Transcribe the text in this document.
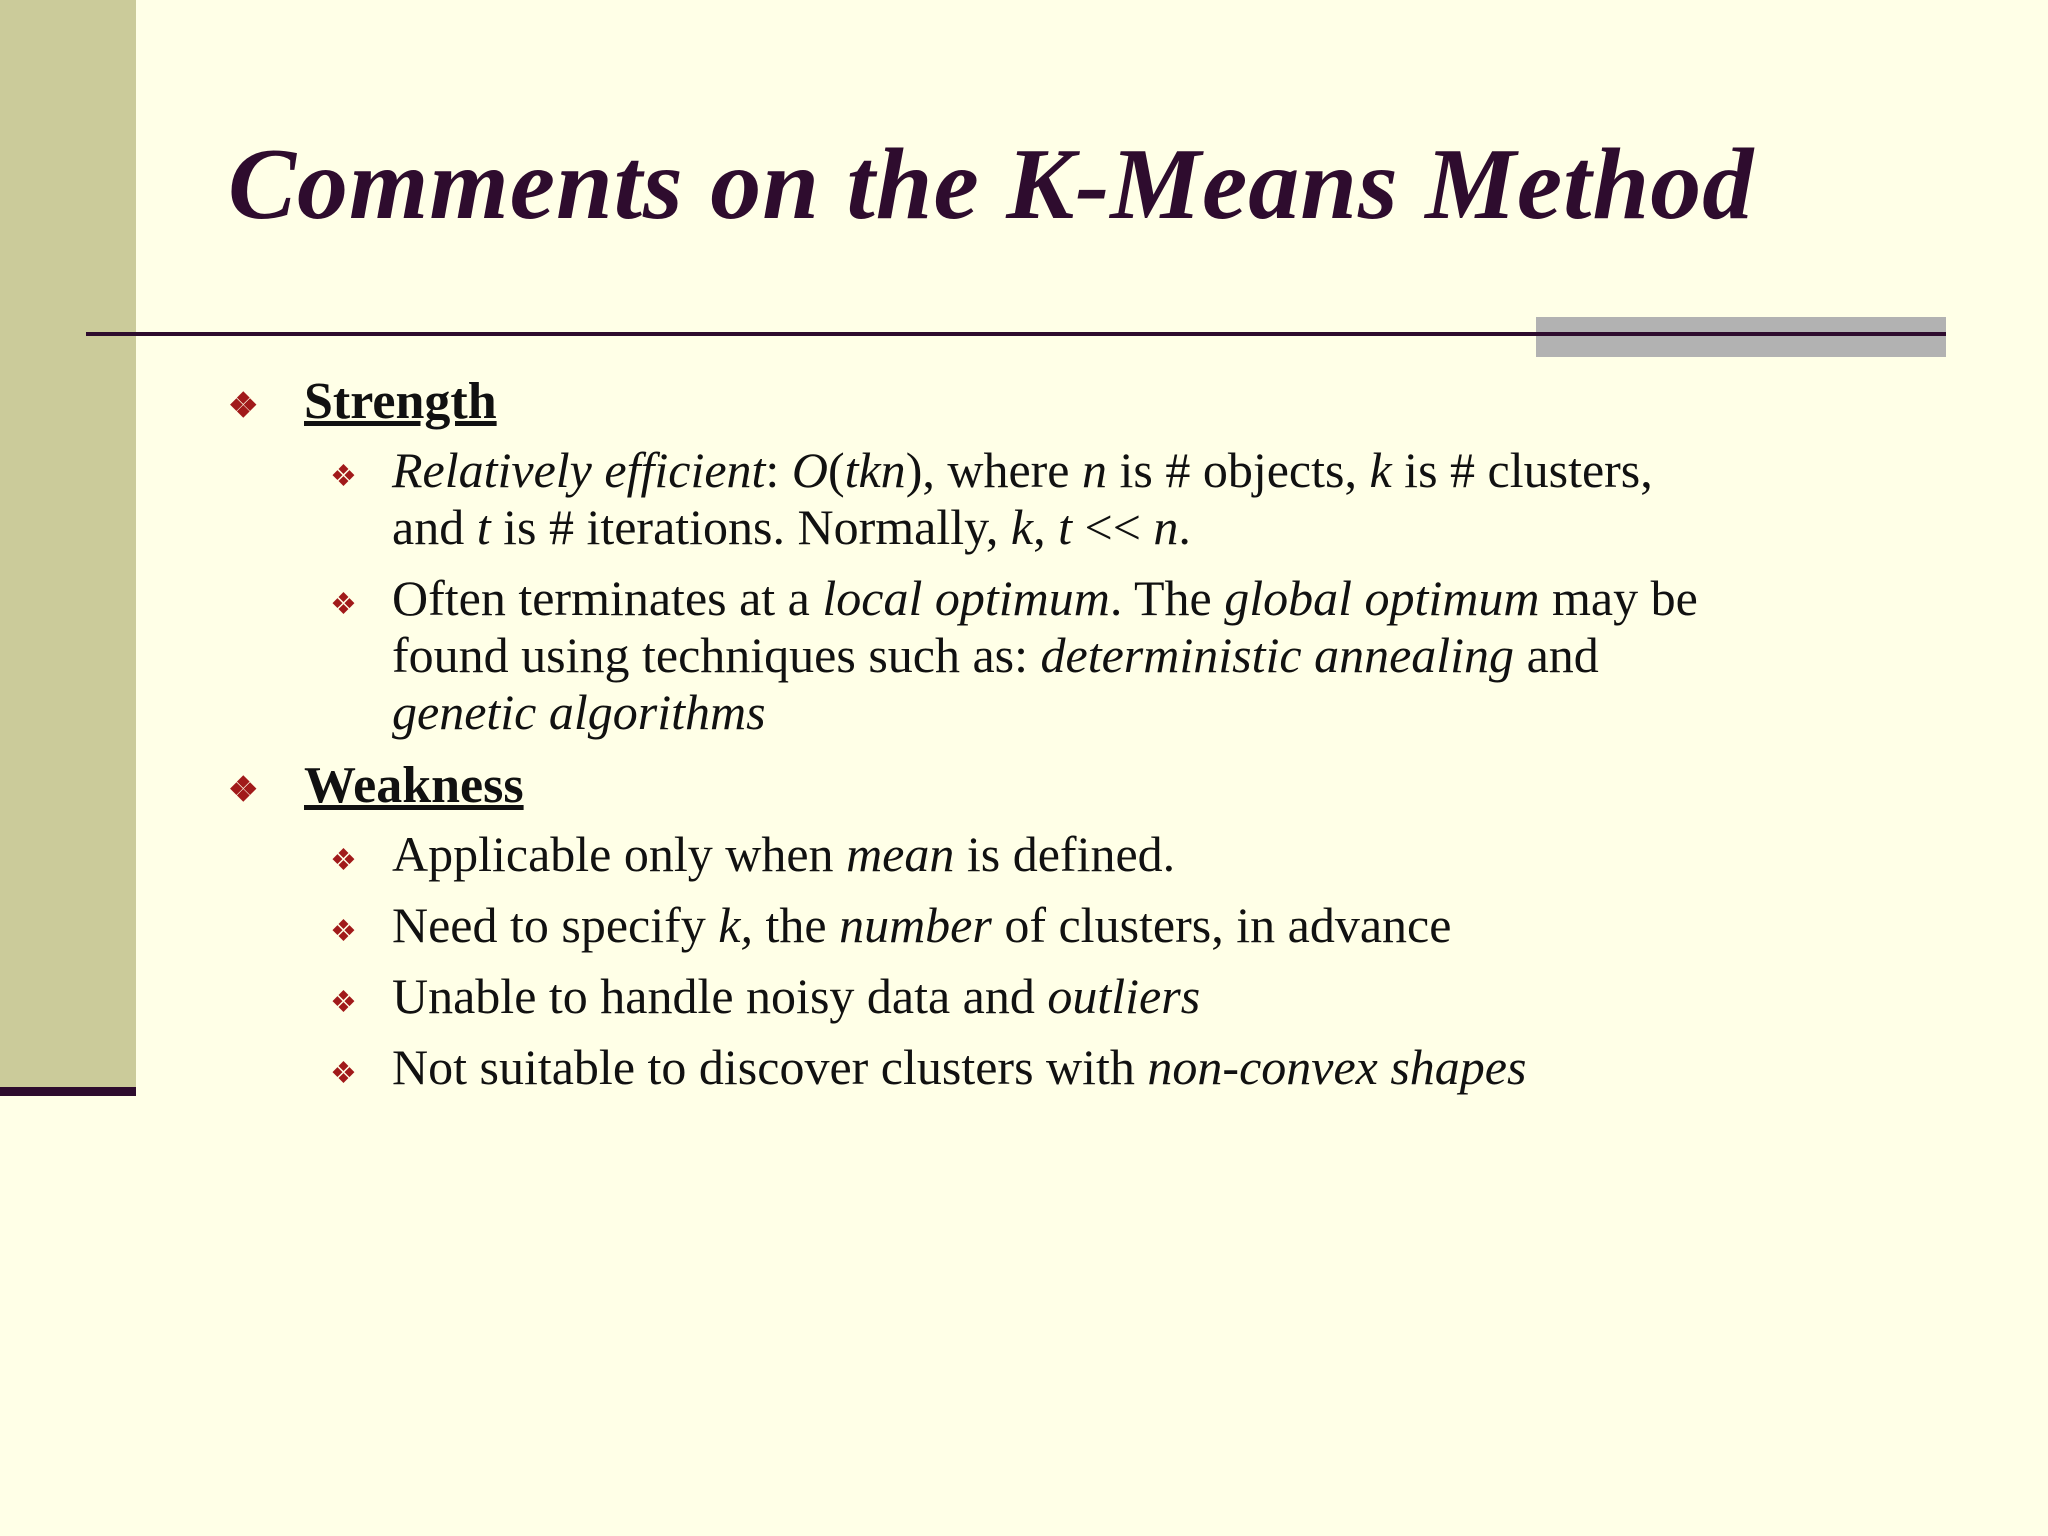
Comments on the K-Means Method
❖ Strength
❖ Relatively efficient: O(tkn), where n is # objects, k is # clusters,
and t is # iterations. Normally, k, t << n.
❖ Often terminates at a local optimum. The global optimum may be
found using techniques such as: deterministic annealing and
genetic algorithms
❖ Weakness
❖ Applicable only when mean is defined.
❖ Need to specify k, the number of clusters, in advance
❖ Unable to handle noisy data and outliers
❖ Not suitable to discover clusters with non-convex shapes
